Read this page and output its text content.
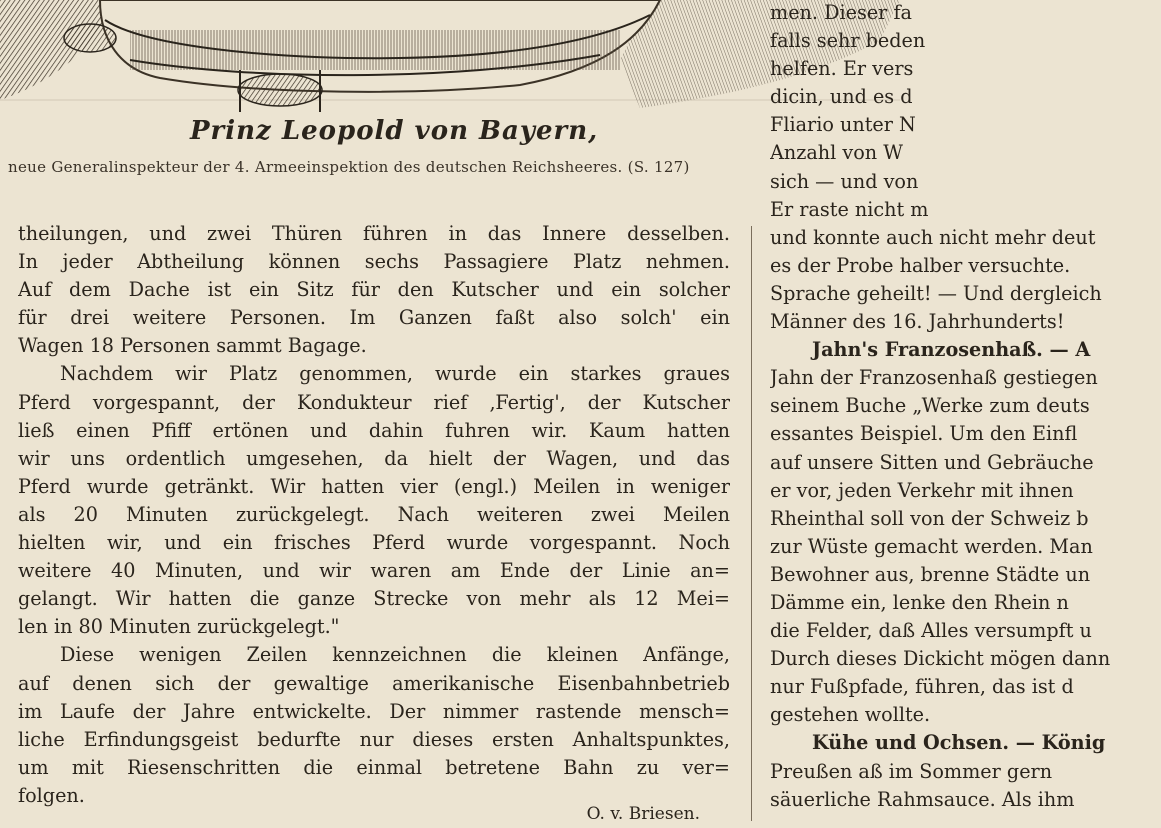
Prinz Leopold von Bayern,
neue Generalinspekteur der 4. Armeeinspektion des deutschen Reichsheeres. (S. 127)
theilungen, und zwei Thüren führen in das Innere desselben.
In jeder Abtheilung können sechs Passagiere Platz nehmen.
Auf dem Dache ist ein Sitz für den Kutscher und ein solcher
für drei weitere Personen. Im Ganzen faßt also solch' ein
Wagen 18 Personen sammt Bagage.
Nachdem wir Platz genommen, wurde ein starkes graues
Pferd vorgespannt, der Kondukteur rief ‚Fertig', der Kutscher
ließ einen Pfiff ertönen und dahin fuhren wir. Kaum hatten
wir uns ordentlich umgesehen, da hielt der Wagen, und das
Pferd wurde getränkt. Wir hatten vier (engl.) Meilen in weniger
als 20 Minuten zurückgelegt. Nach weiteren zwei Meilen
hielten wir, und ein frisches Pferd wurde vorgespannt. Noch
weitere 40 Minuten, und wir waren am Ende der Linie an=
gelangt. Wir hatten die ganze Strecke von mehr als 12 Mei=
len in 80 Minuten zurückgelegt."
Diese wenigen Zeilen kennzeichnen die kleinen Anfänge,
auf denen sich der gewaltige amerikanische Eisenbahnbetrieb
im Laufe der Jahre entwickelte. Der nimmer rastende mensch=
liche Erfindungsgeist bedurfte nur dieses ersten Anhaltspunktes,
um mit Riesenschritten die einmal betretene Bahn zu ver=
folgen.
O. v. Briesen.
men. Dieser fa
falls sehr beden
helfen. Er vers
dicin, und es d
Fliario unter N
Anzahl von W
sich — und von
Er raste nicht m
und konnte auch nicht mehr deut
es der Probe halber versuchte.
Sprache geheilt! — Und dergleich
Männer des 16. Jahrhunderts!
Jahn's Franzosenhaß. — A
Jahn der Franzosenhaß gestiegen
seinem Buche „Werke zum deuts
essantes Beispiel. Um den Einfl
auf unsere Sitten und Gebräuche
er vor, jeden Verkehr mit ihnen
Rheinthal soll von der Schweiz b
zur Wüste gemacht werden. Man
Bewohner aus, brenne Städte un
Dämme ein, lenke den Rhein n
die Felder, daß Alles versumpft u
Durch dieses Dickicht mögen dann
nur Fußpfade, führen, das ist d
gestehen wollte.
Kühe und Ochsen. — König
Preußen aß im Sommer gern
säuerliche Rahmsauce. Als ihm
